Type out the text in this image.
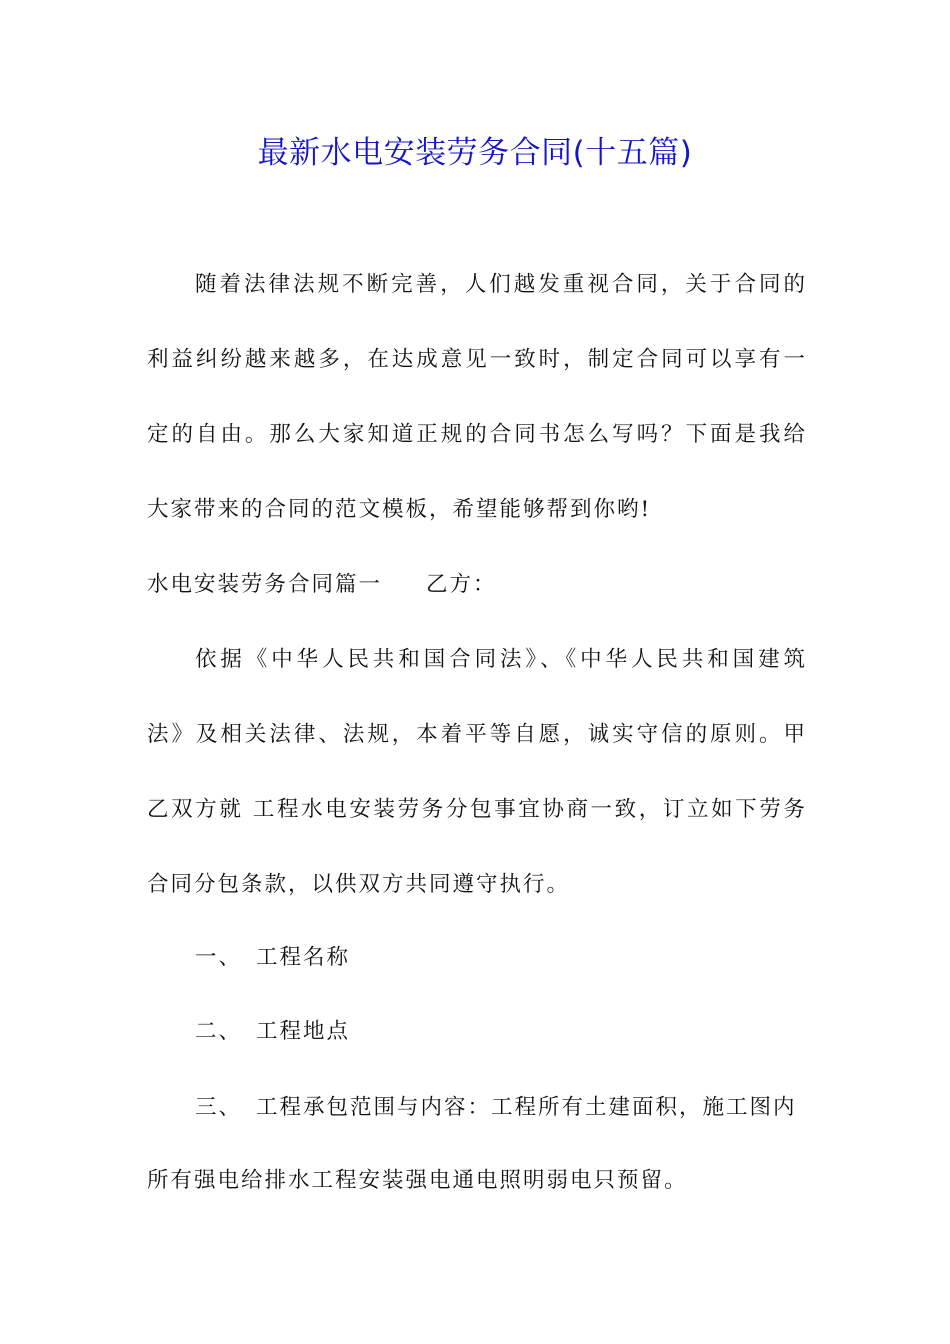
最新水电安装劳务合同(十五篇)
随着法律法规不断完善，人们越发重视合同，关于合同的
利益纠纷越来越多，在达成意见一致时，制定合同可以享有一
定的自由。那么大家知道正规的合同书怎么写吗？下面是我给
大家带来的合同的范文模板，希望能够帮到你哟!
水电安装劳务合同篇一 乙方：
依据《中华人民共和国合同法》、《中华人民共和国建筑
法》及相关法律、法规，本着平等自愿，诚实守信的原则。甲
乙双方就 工程水电安装劳务分包事宜协商一致，订立如下劳务
合同分包条款，以供双方共同遵守执行。
一、 工程名称
二、 工程地点
三、 工程承包范围与内容：工程所有土建面积，施工图内
所有强电给排水工程安装强电通电照明弱电只预留。
